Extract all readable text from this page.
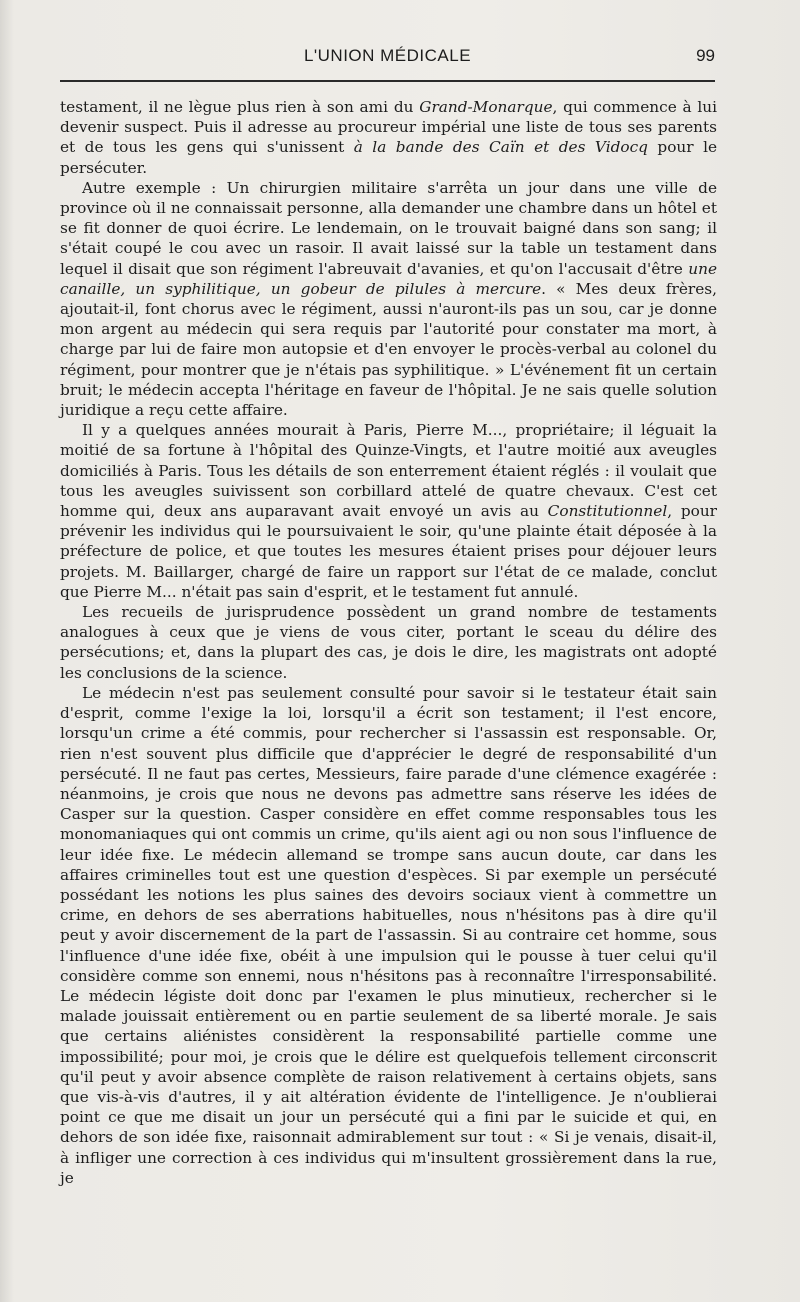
L'UNION MÉDICALE	99

testament, il ne lègue plus rien à son ami du Grand-Monarque, qui commence à lui devenir suspect. Puis il adresse au procureur impérial une liste de tous ses parents et de tous les gens qui s'unissent à la bande des Caïn et des Vidocq pour le persécuter.

Autre exemple : Un chirurgien militaire s'arrêta un jour dans une ville de province où il ne connaissait personne, alla demander une chambre dans un hôtel et se fit donner de quoi écrire. Le lendemain, on le trouvait baigné dans son sang; il s'était coupé le cou avec un rasoir. Il avait laissé sur la table un testament dans lequel il disait que son régiment l'abreuvait d'avanies, et qu'on l'accusait d'être une canaille, un syphilitique, un gobeur de pilules à mercure. « Mes deux frères, ajoutait-il, font chorus avec le régiment, aussi n'auront-ils pas un sou, car je donne mon argent au médecin qui sera requis par l'autorité pour constater ma mort, à charge par lui de faire mon autopsie et d'en envoyer le procès-verbal au colonel du régiment, pour montrer que je n'étais pas syphilitique. » L'événement fit un certain bruit; le médecin accepta l'héritage en faveur de l'hôpital. Je ne sais quelle solution juridique a reçu cette affaire.

Il y a quelques années mourait à Paris, Pierre M..., propriétaire; il léguait la moitié de sa fortune à l'hôpital des Quinze-Vingts, et l'autre moitié aux aveugles domiciliés à Paris. Tous les détails de son enterrement étaient réglés : il voulait que tous les aveugles suivissent son corbillard attelé de quatre chevaux. C'est cet homme qui, deux ans auparavant avait envoyé un avis au Constitutionnel, pour prévenir les individus qui le poursuivaient le soir, qu'une plainte était déposée à la préfecture de police, et que toutes les mesures étaient prises pour déjouer leurs projets. M. Baillarger, chargé de faire un rapport sur l'état de ce malade, conclut que Pierre M... n'était pas sain d'esprit, et le testament fut annulé.

Les recueils de jurisprudence possèdent un grand nombre de testaments analogues à ceux que je viens de vous citer, portant le sceau du délire des persécutions; et, dans la plupart des cas, je dois le dire, les magistrats ont adopté les conclusions de la science.

Le médecin n'est pas seulement consulté pour savoir si le testateur était sain d'esprit, comme l'exige la loi, lorsqu'il a écrit son testament; il l'est encore, lorsqu'un crime a été commis, pour rechercher si l'assassin est responsable. Or, rien n'est souvent plus difficile que d'apprécier le degré de responsabilité d'un persécuté. Il ne faut pas certes, Messieurs, faire parade d'une clémence exagérée : néanmoins, je crois que nous ne devons pas admettre sans réserve les idées de Casper sur la question. Casper considère en effet comme responsables tous les monomaniaques qui ont commis un crime, qu'ils aient agi ou non sous l'influence de leur idée fixe. Le médecin allemand se trompe sans aucun doute, car dans les affaires criminelles tout est une question d'espèces. Si par exemple un persécuté possédant les notions les plus saines des devoirs sociaux vient à commettre un crime, en dehors de ses aberrations habituelles, nous n'hésitons pas à dire qu'il peut y avoir discernement de la part de l'assassin. Si au contraire cet homme, sous l'influence d'une idée fixe, obéit à une impulsion qui le pousse à tuer celui qu'il considère comme son ennemi, nous n'hésitons pas à reconnaître l'irresponsabilité. Le médecin légiste doit donc par l'examen le plus minutieux, rechercher si le malade jouissait entièrement ou en partie seulement de sa liberté morale. Je sais que certains aliénistes considèrent la responsabilité partielle comme une impossibilité; pour moi, je crois que le délire est quelquefois tellement circonscrit qu'il peut y avoir absence complète de raison relativement à certains objets, sans que vis-à-vis d'autres, il y ait altération évidente de l'intelligence. Je n'oublierai point ce que me disait un jour un persécuté qui a fini par le suicide et qui, en dehors de son idée fixe, raisonnait admirablement sur tout : « Si je venais, disait-il, à infliger une correction à ces individus qui m'insultent grossièrement dans la rue, je
